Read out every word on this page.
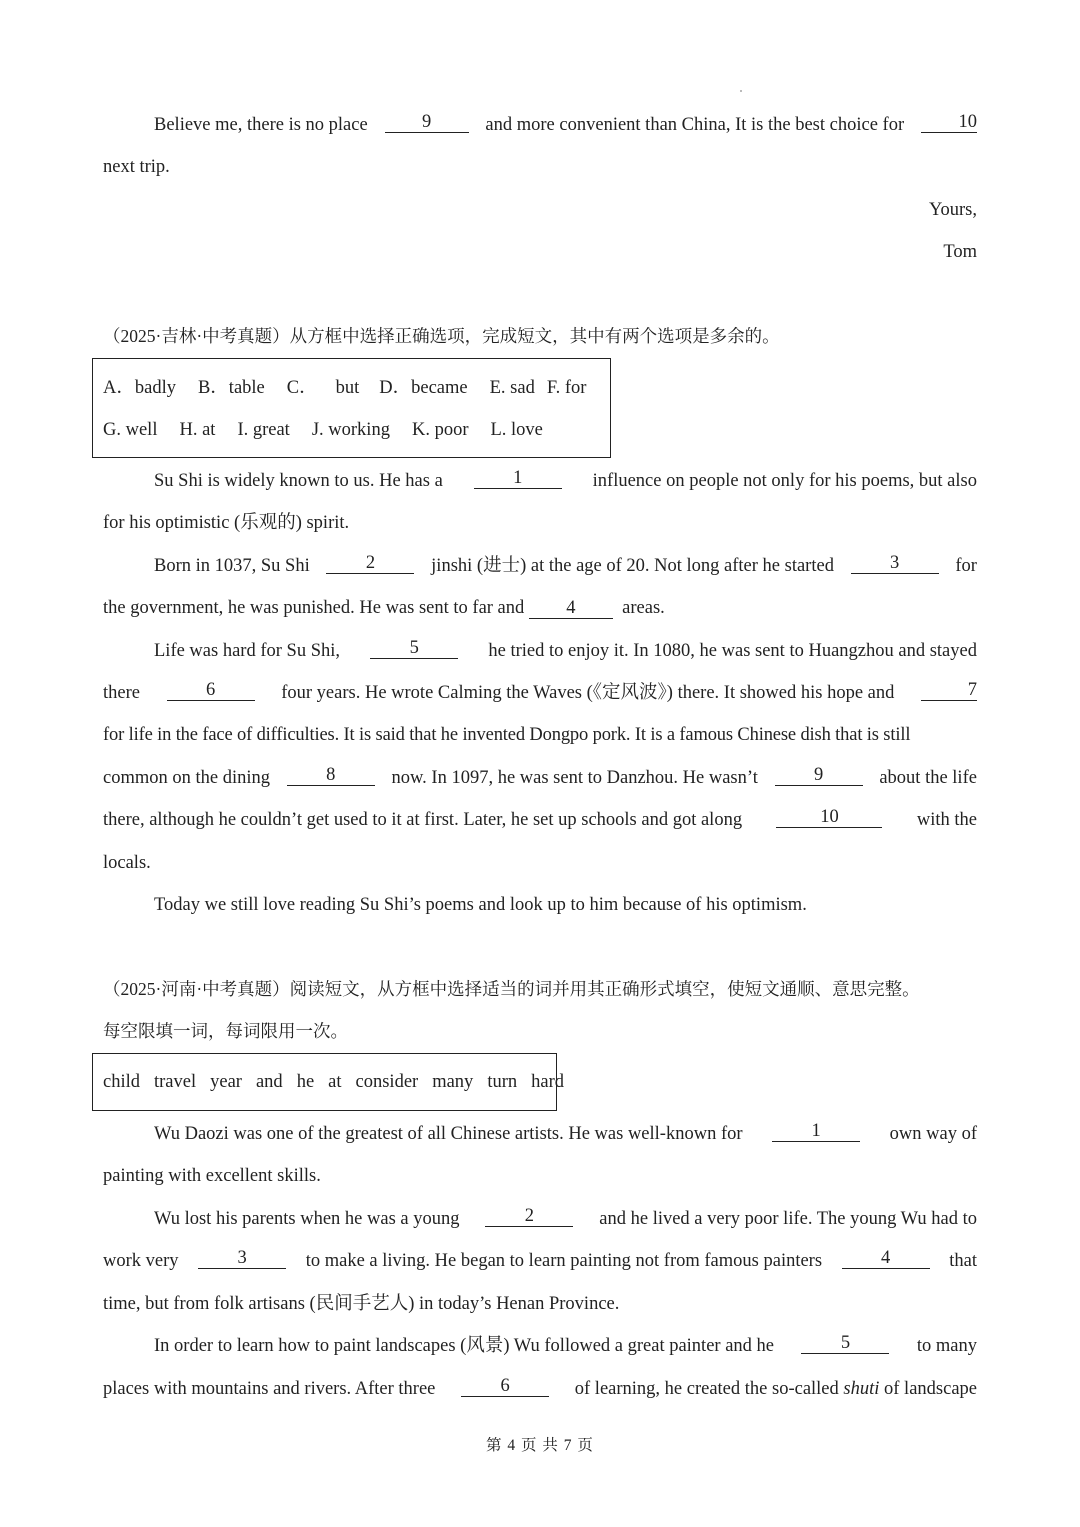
Believe me, there is no place	9	and more convenient than China, It is the best choice for	10
next trip.
Yours,
Tom
（2025·吉林·中考真题）从方框中选择正确选项，完成短文，其中有两个选项是多余的。
A．badly B．table C． but D．became E. sad F. for
G. well H. at I. great J. working K. poor L. love
Su Shi is widely known to us. He has a	1	influence on people not only for his poems, but also
for his optimistic (乐观的) spirit.
Born in 1037, Su Shi	2	jinshi (进士) at the age of 20. Not long after he started	3	for
the government, he was punished. He was sent to far and 4	areas.
Life was hard for Su Shi,	5	he tried to enjoy it. In 1080, he was sent to Huangzhou and stayed
there	6	four years. He wrote Calming the Waves (《定风波》) there. It showed his hope and	7
for life in the face of difficulties. It is said that he invented Dongpo pork. It is a famous Chinese dish that is still
common on the dining	8	now. In 1097, he was sent to Danzhou. He wasn’t	9	about the life
there, although he couldn’t get used to it at first. Later, he set up schools and got along	10	with the
locals.
Today we still love reading Su Shi’s poems and look up to him because of his optimism.
（2025·河南·中考真题）阅读短文，从方框中选择适当的词并用其正确形式填空，使短文通顺、意思完整。
每空限填一词，每词限用一次。
child travel year and he at consider many turn hard
Wu Daozi was one of the greatest of all Chinese artists. He was well-known for	1	own way of
painting with excellent skills.
Wu lost his parents when he was a young	2	and he lived a very poor life. The young Wu had to
work very	3	to make a living. He began to learn painting not from famous painters	4	that
time, but from folk artisans (民间手艺人) in today’s Henan Province.
In order to learn how to paint landscapes (风景) Wu followed a great painter and he	5	to many
places with mountains and rivers. After three	6	of learning, he created the so-called shuti of landscape
第 4 页 共 7 页
